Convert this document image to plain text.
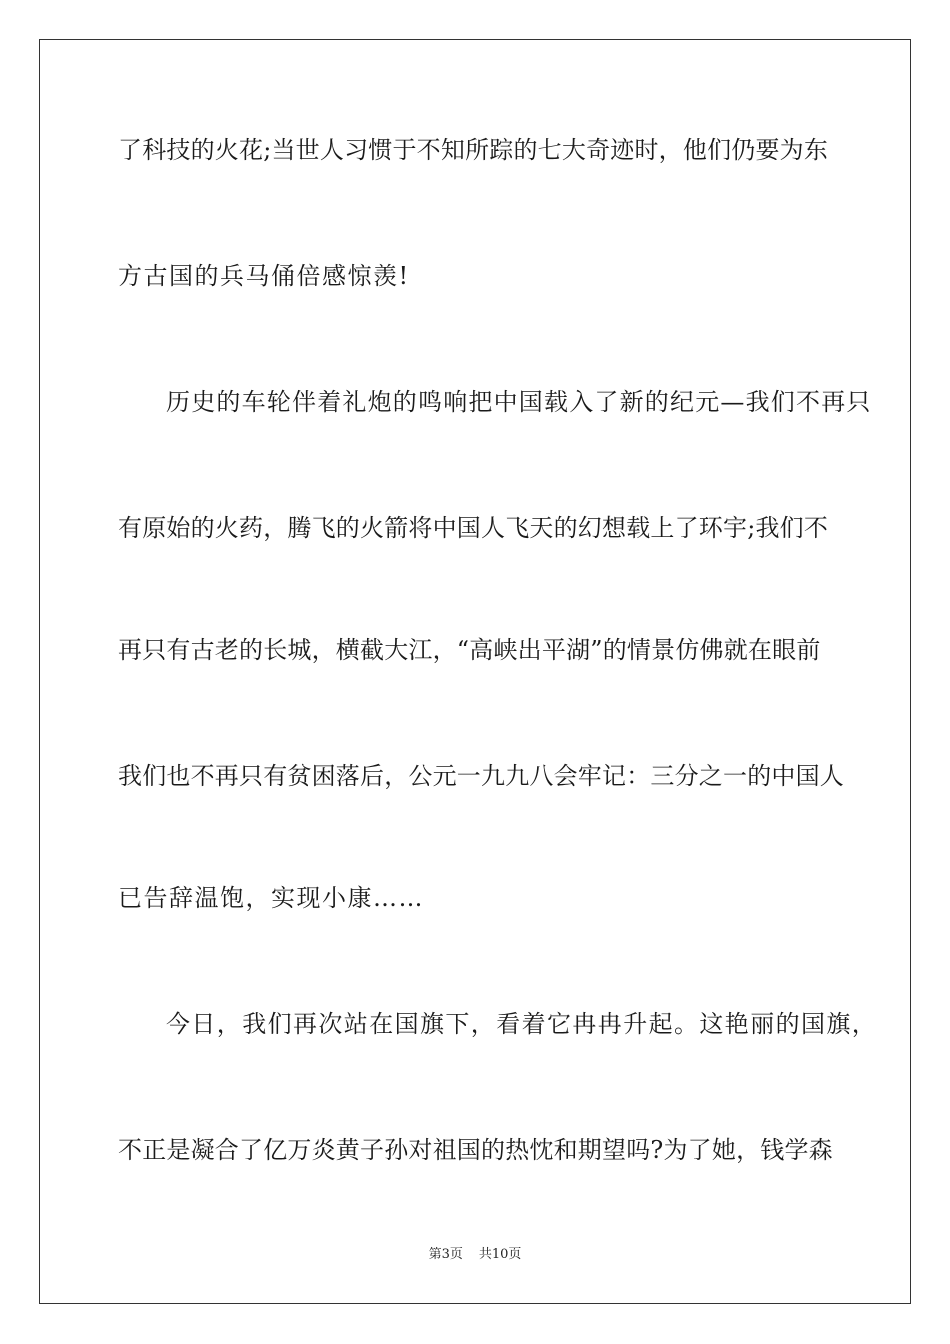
了科技的火花;当世人习惯于不知所踪的七大奇迹时，他们仍要为东
方古国的兵马俑倍感惊羡!
历史的车轮伴着礼炮的鸣响把中国载入了新的纪元—我们不再只
有原始的火药，腾飞的火箭将中国人飞天的幻想载上了环宇;我们不
再只有古老的长城，横截大江，“高峡出平湖”的情景仿佛就在眼前
我们也不再只有贫困落后，公元一九九八会牢记：三分之一的中国人
已告辞温饱，实现小康……
今日，我们再次站在国旗下，看着它冉冉升起。这艳丽的国旗，
不正是凝合了亿万炎黄子孙对祖国的热忱和期望吗?为了她，钱学森
第3页 共10页
